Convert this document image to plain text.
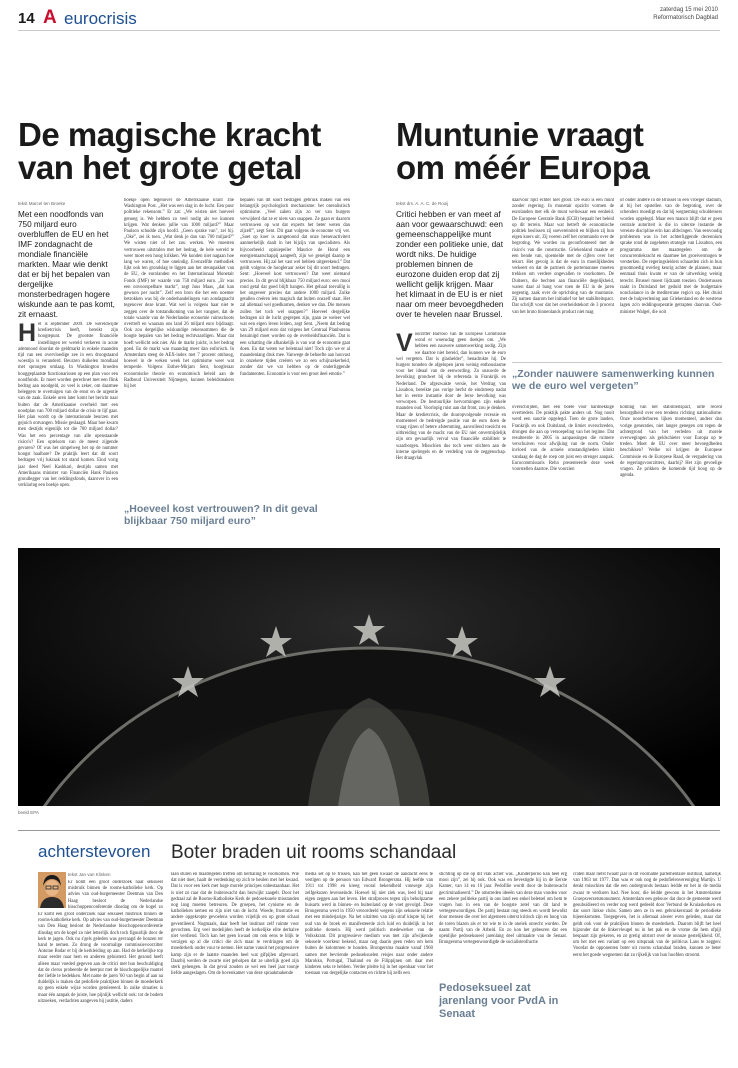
14 A eurocrisis	zaterdag 15 mei 2010
Reformatorisch Dagblad
De magische kracht
van het grote getal
tekst Marcel ten Broeke
Met een noodfonds van 750 miljard euro overbluffen de EU en het IMF zondagnacht de mondiale financiële markten. Maar wie denkt dat er bij het bepalen van dergelijke monsterbedragen hogere wiskunde aan te pas komt, zit ernaast.
Het is september 2009. De wereldwijde kredietcrisis heeft, bereikt zijn hoogtepunt. De grootste financiële instellingen ter wereld verkeren in acute ademnood doordat de geldmarkt in enkele maanden tijd van een overvloedige zee in een droogstaand woestijn is veranderd. Beurzen duikelen mondiaal met sprongen omlaag. In Washington broeden hooggeplaatste functionarissen op een plan voor een noodfonds. Er moet worden gerechnet met een flink bedrag aan noodgeld, zo veel is zeker, om daarmee beleggers te overtuigen van de ernst en de urgentie van de zaak. Enkele uren later komt het bericht naar buiten dat de Amerikaanse overheid met een noodplan van 700 miljard dollar de crisis te lijf gaat. Het plan wordt op de internationale beurzen met gejuich ontvangen. Missie geslaagd. Maar hoe kwam men destijds eigenlijk tot die 700 miljard dollar? Was het een percentage van alle openstaande risico's? Een optelsom van de meest zijgende gevaren? Of was het simpelweg het op de nummer hoogst haalbare? De praktijk leert dat dit soort bedragen vrij lukraak tot stand komen. Eind vorig jaar deed Neel Kashkari, destijds samen met Amerikaans minister van Financiën Hank Paulson grondlegger van het reddingsfonds, daarover in een verklaring een boekje open.
boekje open tegenover de Amerikaanse krant The Washington Post. „Het was een slag in de lucht. Een puur politieke rekensom.” Er zat: „We wisten niet hoeveel genoeg is. We hebben zo veel nodig als we kunnen krijgen. Wat denken jullie van 1000 miljard?” Maar Paulson schudde zijn hoofd. „Geen sprake van”, zei hij. „Oké”, zei ik toen. „Wat denk je dan van 700 miljard?” We wisten niet of het zou werken. We moesten vertrouwen uitstralen met het bedrag, de hele wereld te weer moet een hoog krikken. We konden niet nagaan hoe lang we waren, of hoe oneindig. Evenzelfde methodiek lijkt ook ten grondslag te liggen aan het steunpakket van de EU, de eurolanden en het Internationaal Monetair Fonds (IMF) ter waarde van 750 miljard euro. „Er was een onvoorspelbare markt”, zegt Juus Maas, „dat kan gewoon per nacht”. Zelf een bron die het een noemer betrokken was bij de onderhandelingen van zondagnacht tegenover deze krant. Wat wel is volgens haar niet te zeggen over de totstandkoming van het vangnet, dat de totale waarde van de Nederlandse economie ruimschoots overtreft en waaraan ons land 26 miljard euro bijdraagt. Ook zou dergelijke wiskundige rekensommen die de hoogte bepalen van het bedrag rechtvaardigen. Maar dat hoeft wellicht ook niet. Als de markt juicht, is het bedrag goed. En de markt was maandag meer dan euforisch. In Amsterdam steeg de AEX-index met 7 procent omhoog, hoewel in de weken week het optimisme weer wat temperde. Volgens Esther-Mirjam Sent, hoogleraar economische theorie en economisch beleid aan de Radboud Universiteit Nijmegen, kunnen beleidsmakers bij het
bepalen van dit soort bedragen gebruik maken van een belangrijk psychologisch mechanisme: het onrealistisch optimisme. „Veel zaken zijn zo ver van burgers verwijderd dat ze er niets van snappen. Ze gaan er daarom vertrouwen op wat dat experts het beter weten dan zijzelf”, zegt Sent. Dit gaat volgens de econome vrij ver. „Soet op koer is aangetoond dat onze hersenactiviteit aanmerkelijk daalt in het bijzijn van specialisten. Als bijvoorbeeld opiniepeiler Maurice de Hond een energiemaatschappij aangeeft, zijn we geneigd daarop te vertrouwen. Hij zal het vast wel hebben uitgerekend.” Dat geldt volgens de hoogleraar zeker bij dit soort bedragen. Sent: „Hoeveel kost vertrouwen? Dat weet niemand precies. In dit geval blijkbaar 750 miljard euro: een mooi rond getal dat goed blijft hangen. Het gehaal toevallig is het ongeveer precies dat andere 1000 miljard. Zulke getallen creëren iets magisch dat buiten onszelf staat. Het zal allemaal wel goedkomen, denken we dan. Die mensen zullen het toch wel snappen?” Hoeveel dergelijke bedragen uit de lucht gegrepen zijn, gaan ze weleer wel wat een eigen leven leiden, zegt Sent. „Neem dat bedrag van 29 miljard euro dat volgens het Centraal Planbureau bezuinigd moet worden op de overheidsfinanciën. Dat is een schatting die afhankelijk is van wat de economie gaat doen. En dat weten we helemaal niet! Toch zijn we er al maandenlang druk mee. Vanwege de behoefte aan houvast in onzekere tijden creëren we zo een schijnzekerheid, zonder dat we vat hebben op de onderliggende fundamenten. Economie is voor een groot deel emotie.”
„Hoeveel kost vertrouwen? In dit geval blijkbaar 750 miljard euro”
Muntunie vraagt
om méér Europa
tekst drs. A. A. C. de Rooij
Critici hebben er van meet af aan voor gewaarschuwd: een gemeenschappelijke munt zonder een politieke unie, dat wordt niks. De huidige problemen binnen de eurozone duiden erop dat zij wellicht gelijk krijgen. Maar het klimaat in de EU is er niet naar om meer bevoegdheden over te hevelen naar Brussel.
Voorzitter Barroso van de Europese Commissie wond er woensdag geen doekjes om. „We hebben een nauwere samenwerking nodig. Zijn we daartoe niet bereid, dan kunnen we de euro wel vergeten. Dat is glashelder”, benadrukte hij. De burgers tonnden de afgelopen jaren weinig enthousiasme voor het ideaal van de eenwording. Zo snauwde de bevolking grondwet bij de referenda in Frankrijk en Nederland. De afgezwakte versie, het Verdrag van Lissabon, bereikte pas vorige herfst de eindstreep nadat het in eerste instantie door de Ierse bevolking was verworpen. De bestuurlijke hervormingen zijn enkele maanden oud. Voorlopig ruist aan dat front, zou je denken. Maar de kredietcrisis, die duuropvolgende recessie en momenteel de bedreigde positie van de euro doen de vraag rijzen of betere afstemming, aanvullend toezicht en uitbreiding van de macht van de EU niet onvermijdelijk zijn om gevaarlijk verval van financiële stabiliteit te waarborgen. Misschien dus toch weer stichten aan de interne spelregels en de verdeling van de zeggenschap. Het draagvlak
daarvoor lijkt echter niet groot. De euro is een munt zonder regering. In monetair opzicht vormen de eurolanden met elk de munt weliswaar een eenheid. De Europese Centrale Bank (ECB) bepaalt het beleid op dit terrein. Maar wat betreft de economische politiek beslissen zij soevereiniteit en blijken zij hun eigen koers uit. Zij voeren zelf het commando over de begroting. We worden nu geconfronteerd met de risico's van die constructie. Griekenland maakte er een bende van, sjoemelde met de cijfers over het tekort. Het gevolg is dat de euro in moeilijkheden verkeert en dat de partners de portemonnee moeten trekken om verdere ongevallen te voorkomen. De Duitsers, die bechten aan financiële degelijkheid, waren daar al bang voor toen de EU in de jaren negentig, zaak over de oprichting van de muntunie. Zij namen daarom het initiatief tot het stabiliteitspact. Dat schrijft voor dat het overheidstekort de 3 procent van het bruto binnenlands product niet mag
of onder andere in de Brussel in een vroeger stadium, al bij het opstellen van de begroting, over de schenders moedigt en dat hij wegneming schuldeisers worden opgelegd. Maar een manco blijft dat er geen centrale autoriteit is die in uiterste instantie de vereiste discipline erin kan afdwingen. Van eenvoudig problemen was in het achterliggende decennium sprake rond de zogeheten strategie van Lissabon, een programma met maatregelen om de concurrentiekracht en daarmee het groeivermogen te versterken. De regeringsleiders schaarden zich in hun grootmoedig overleg keurig achter de plannen, maar eenmaal thuis kwam er van de uitwerking weinig terecht. Brussel moest lijdzaam toezien. Ondertussen raakt in Duitsland het geduld met de budgettaire nonchalance in de mediterrane regio's op. Het druist met de hulpverlening aan Griekenland en de westerse lagen zo'n reddingsoperatie getrapten daarvan. Oud-minister Walgel, die ooit
„Zonder nauwere samenwerking kunnen we de euro wel vergeten”
overschrijden, met een boete voor hardnekkige overtreders. De praktijk pakte anders uit. Nog nooit werd een sanctie opgelegd. Toen de grote landen, Frankrijk en ook Duitsland, de limiet overschreden, drongen die aan op versoepeling van het regime. Dat resulteerde in 2005 in aanpassingen die ruimere verschuiven voor afwijking van de norm. Onder invloed van de actuele omstandigheden klinkt vandaag de dag de roep om juist een strenger aanpak. Eurocommissaris Rehn presenteerde deze week voorstellen daartoe. Die voorzien
koming van het stabiliteitspact, uitte recent bezorgdheid over een tendens richting nationalisme. Onze noorderburen lijken momenteel, anders dan vorige generaties, niet langer genegen om tegen de achtergrond van het verleden uit morele overwegingen als geldschieter voor Europa op te treden. Moet de EU over meer bevoegdheden beschikken? Welke rol krijgen de Europese Commissie en de Europese Raad, de vergadering van de regeringsvoorzitters, daarbij? Het zijn gevoelige vragen. Ze prikken de komende tijd hoog op de agenda.
beeld EPA
achterstevoren Boter braden uit rooms schandaal
tekst Jan van Klinken
Er komt een groot onderzoek naar seksueel misbruik binnen de rooms-katholieke kerk. Op advies van oud-burgemeester Deetman van Den Haag besloot de Nederlandse bisschoppenconferentie dinsdag om de kogel zo
Er komt een groot onderzoek naar seksueel misbruik binnen de rooms-katholieke kerk. Op advies van oud-burgemeester Deetman van Den Haag besloot de Nederlandse bisschoppenconferentie dinsdag om de kogel zo niet letterlijk doch toch figuurlijk door de kerk te jagen. Ook nu s'gels geleden was gevraagd de bonzen ter hand te nemen. Zo drong de voormalige commissievoorzitter Antoine Bodar er bij de kerkleiding op aan. Had de kerkelijke top maar eerder naar hem en anderen geluisterd. Het gezond heeft alleen maar voeded gegeven aan de critici met hun beschuldiging dat de clerus probeerde de beerput met de bisschoppelijke mantel der liefde te bedekken. Met name de jaren '60 van begin af aan na duidelijk is maken dat pedofiele praktijken binnen de moederkerk op geen enkele wijze worden getolereerd. In zulke situaties is maar één aanpak de juiste, hoe pijnlijk wellicht ook: tot de bodem uitzoeken, verdachten aangeven bij justitie, daders
laan sturen en maatregelen treffen om herhaling te voorkomen. Wie dat niet doet, haalt de verdenking op zich te heulen met het kwaad. Dat is voor een kerk met hoge morele principes onbestaanbaar. Het is niet zo raar dat de buitenwacht dan bezwijkt zaagelt. Door het gedraal zal de Rooms-Katholieke Kerk de pedoseksuele misstanden nog lang moeten betreuren. De groepen, het cynisme en de katholieken nemen en zijn niet van de lucht. Woede, frustratie en andere opgekropte gevoelens worden vrijelijk en op grote schaal geventileerd. Nogmaals, daar heeft het instituut zelf ruimte voor gevochten. Erg veel medelijden heeft de kerkelijke elite derhalve niet verdiend. Toch kan het geen kwaad om ook eens te blijk te verzigen op al die critici die zich maar te verdringen om de moederkerk onder vuur te nemen. Het name vanuit het progressieve kamp zijn er de laatste maanden heel wat gifpijlen afgevuurd. Daarbij werden de zwarte niet geholpen dat ze uiterlijk goed zijn sterk gehengen. In dat geval zouden ze wel een heel jaar toonje liefde aangeslagen. Om de bovenkamer van deze spraakmakende
media set op te frissen, kan het geen kwaad de aandacht eens te vestigen op de persoon van Edward Brongersma. Hij leefde van 1911 tot 1998 en kreeg vooral bekendheid vanwege zijn zelfgekozen levenseinde. Hoewel hij niet ziek was, leed hij naar eigen zeggen aan het leven. Het strafproces tegen zijn behulpzame huisarts werd in binnen- en buitenland op de voet gevolgd. Deze Brongersma werd in 1950 veroordeeld wegens zijn seksuele relatie met een minderjarige. Na het uitzitten van zijn straf klopte hij het oud van de broek en manifesteerde zich luid en duidelijk in het politieke domein. Hij werd politisch medewerker van de Volkskrant. Dit progressieve medium was met zijn afwijkende seksuele voorkeur bekend, maar nog daarin geen reden om hem buiten de kolommen te houden. Brongersma maakte vanaf 1960 samen met bevriende pedoseksuelen reisjes naar onder andere Marokko, Portugal, Thailand en de Filippijnen om daar met kinderen seks te hebben. Verder pleitte hij in het openbaar voor het toestaan van dergelijke contacten en richtte hij zelfs een
stichting op die op dit vlak actief was. „Kinderporno kan heel erg mooi zijn”, zei hij ook. Ook was en bevestigde hij in de Eerste Kamer, van 14 en 16 jaar. Pedofilie wordt door de buitenwacht gecriminaliseerd.” De omstreden ideeën van deze man vonden voor een zekere politieke partij in ons land een enkel beletsel om hem te vragen hun in een van de hoogste zetel van dit land te vertegenwoordigen. De partij bestaat nog steeds en wordt bewolkt door mensen die over het algemeen uiterst kritisch zijn en hoog van de toren blazen als er tot wie te in de oneiek onrecht worden. De naam: Partij van de Arbeid. En zo kon het gebeuren dat een openlijke pedoseksueel jarenlang deel uitmaakte van de Senaat. Brongersma vertegenwoordigde de socialistenfractie
Pedoseksueel zat jarenlang voor PvdA in Senaat
craten maar liefst twaalf jaar in dit voorname parlementaire instituut, namelijk van 1963 tot 1977. Dan was er ook nog de pedofielenvereniging Martijn. U denkt misschien dat die een ondergronds bestaan leidde en het in de media zwaar te verduren had. Nee hoor, die leidde gewoon in het Amsterdamse Groepsverzetsmonument. Amsterdam een gebouw dat door de gemeente werd gesubsidieerd en verder nog werd gedeeld door Verbond de Kruiaskerken en dat soort linkse clubs. Samen aten ze in een gebruikersraad de periodieke bijeenkomsten. Toegegeven, het is allemaal alweer even geleden, maar dat geldt ook voor de praktijken binnen de moederkerk. Daarom blijft het heel bijzonder dat de linkervleugel nu in het pak en de vrome die hem ofpijl bespaart zijn gekeren, en zo gretig uitstort over de onnoze gestelijkheid. Of, om het met een variant op een uitspraak van de politicus Lans te zeggen: Voordat de opponenten boter uit rooms schandaal braden, kunnen ze beter eerst het goede wegnemen dat zo rijkelijk van hun hoofden stroomt.
